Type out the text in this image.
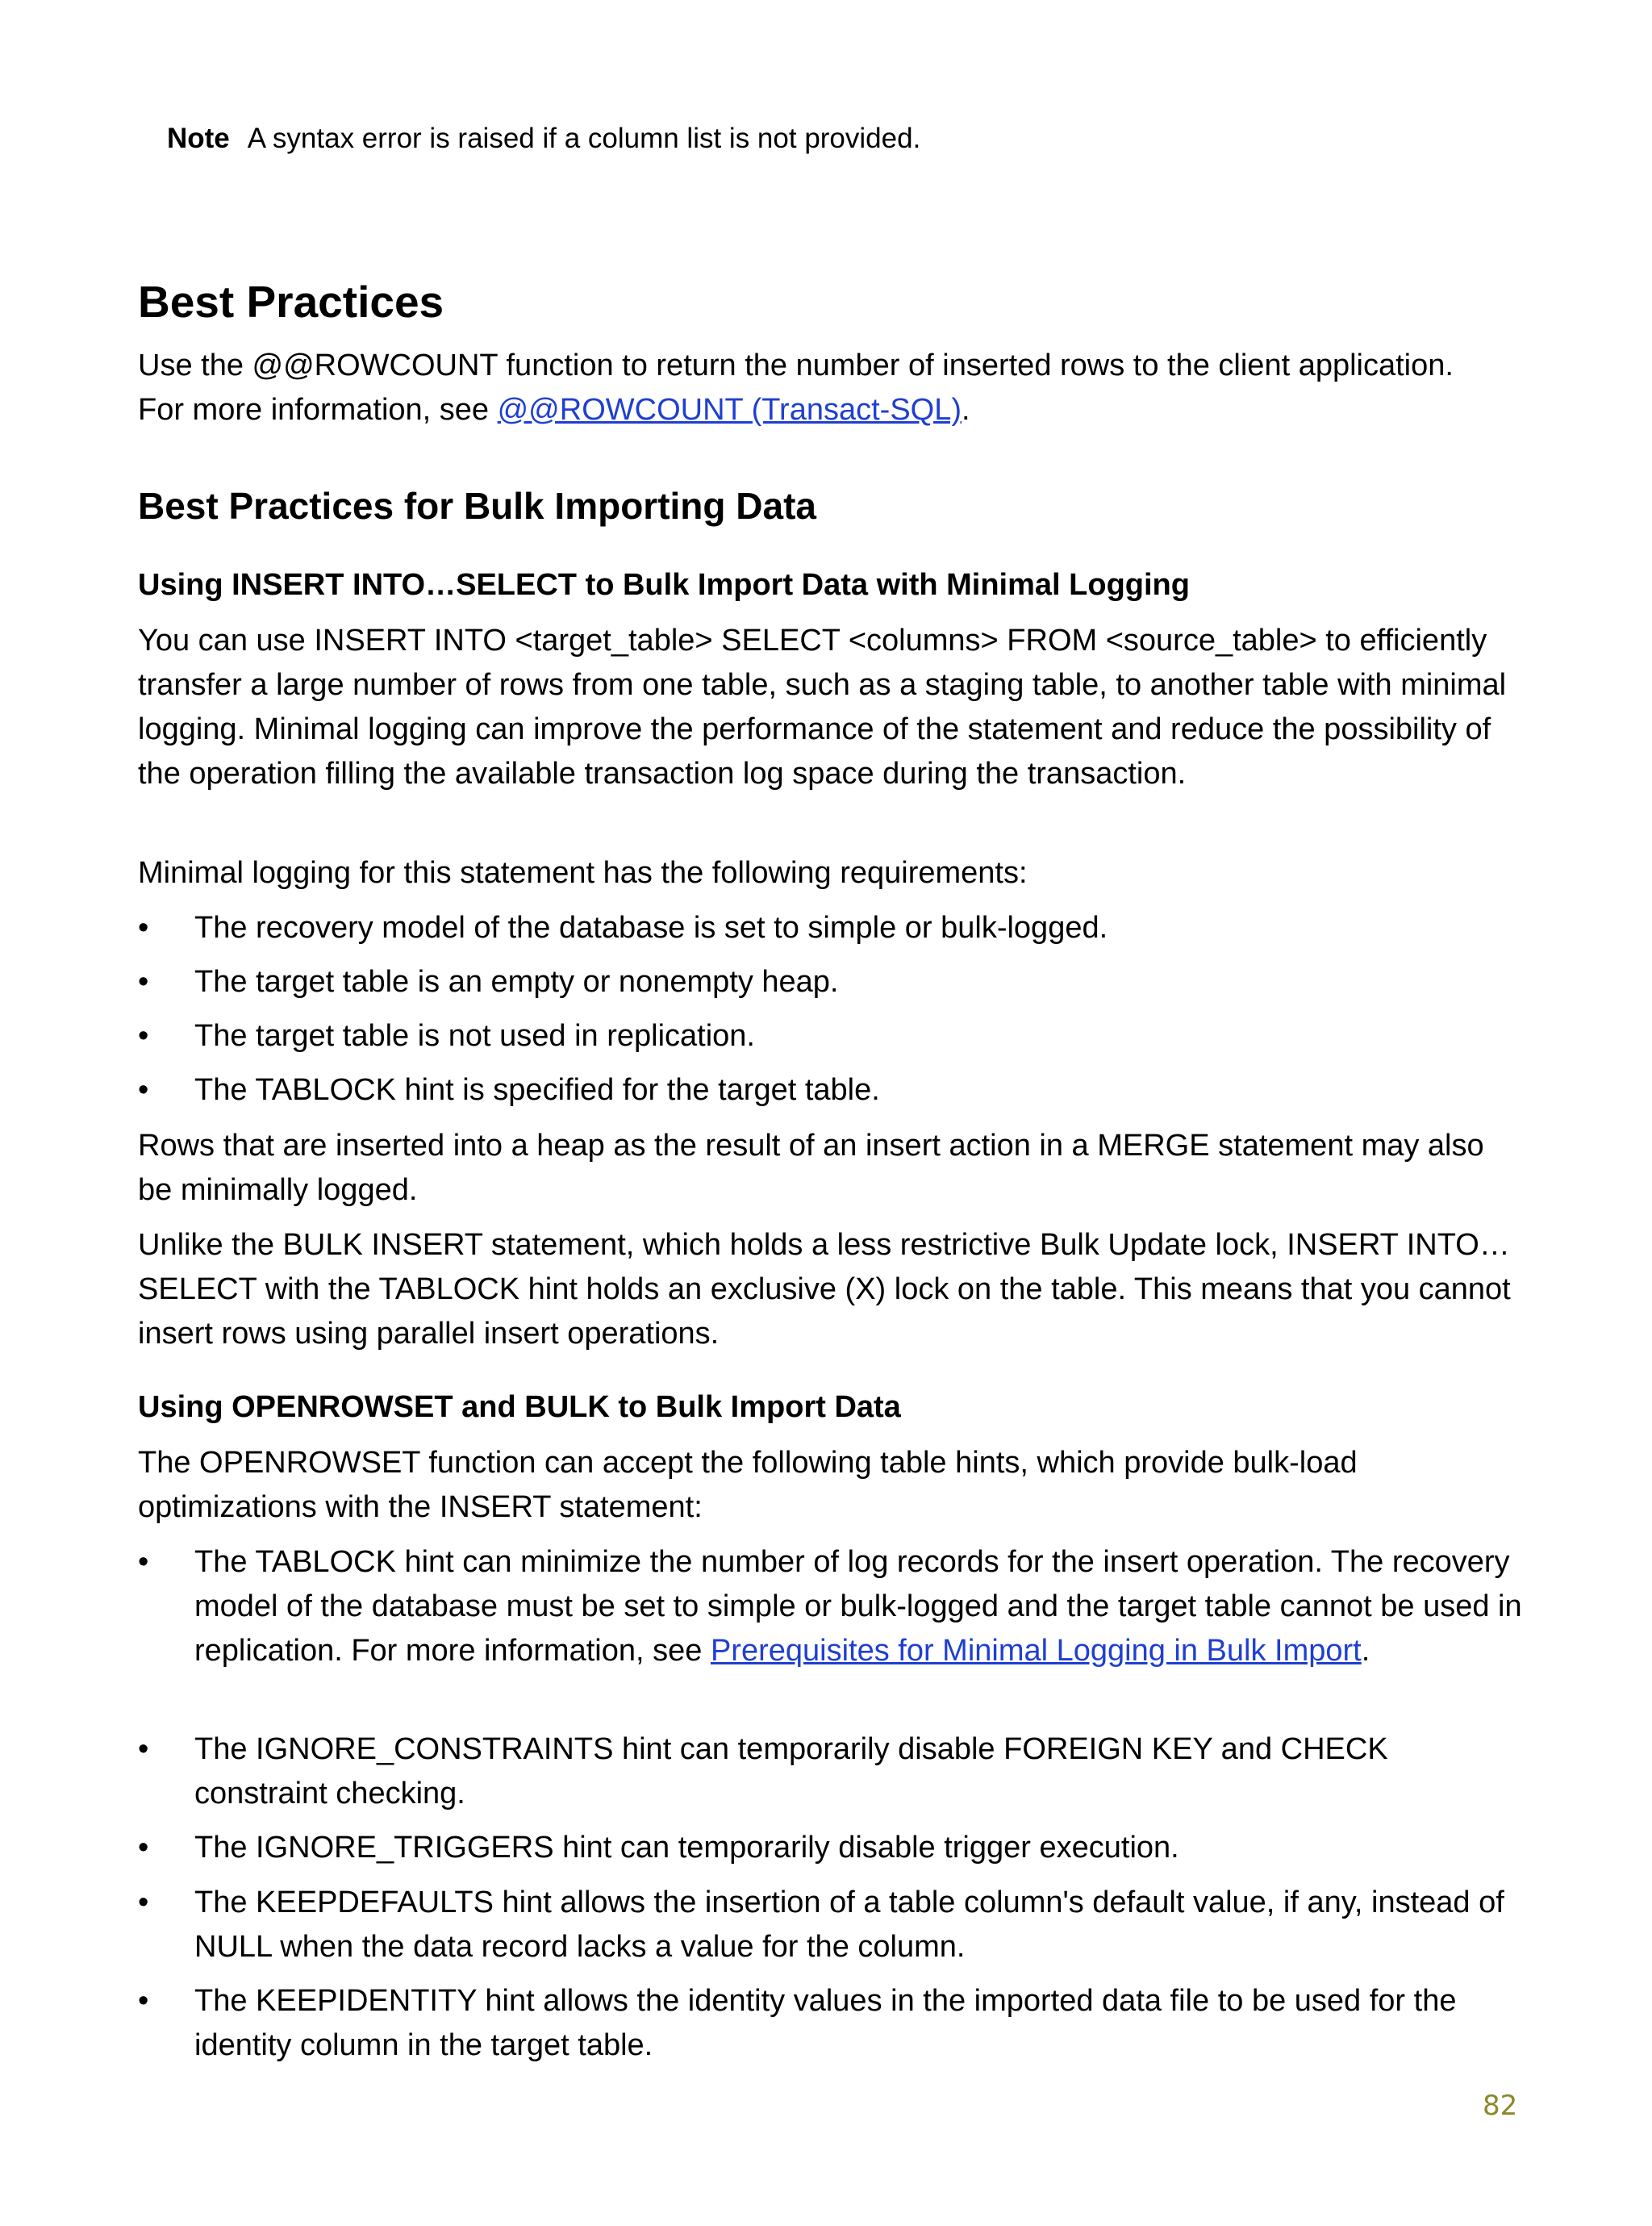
Note A syntax error is raised if a column list is not provided.
Best Practices

Use the @@ROWCOUNT function to return the number of inserted rows to the client application.
For more information, see @@ROWCOUNT (Transact-SQL).

Best Practices for Bulk Importing Data
Using INSERT INTO…SELECT to Bulk Import Data with Minimal Logging

You can use INSERT INTO <target_table> SELECT <columns> FROM <source_table> to efficiently transfer a large number of rows from one table, such as a staging table, to another table with minimal logging. Minimal logging can improve the performance of the statement and reduce the possibility of the operation filling the available transaction log space during the transaction.

Minimal logging for this statement has the following requirements:

•	The recovery model of the database is set to simple or bulk-logged.
•	The target table is an empty or nonempty heap.
•	The target table is not used in replication.
•	The TABLOCK hint is specified for the target table.

Rows that are inserted into a heap as the result of an insert action in a MERGE statement may also be minimally logged.

Unlike the BULK INSERT statement, which holds a less restrictive Bulk Update lock, INSERT INTO…SELECT with the TABLOCK hint holds an exclusive (X) lock on the table. This means that you cannot insert rows using parallel insert operations.

Using OPENROWSET and BULK to Bulk Import Data

The OPENROWSET function can accept the following table hints, which provide bulk-load optimizations with the INSERT statement:

•	The TABLOCK hint can minimize the number of log records for the insert operation. The recovery model of the database must be set to simple or bulk-logged and the target table cannot be used in replication. For more information, see Prerequisites for Minimal Logging in Bulk Import.
•	The IGNORE_CONSTRAINTS hint can temporarily disable FOREIGN KEY and CHECK constraint checking.
•	The IGNORE_TRIGGERS hint can temporarily disable trigger execution.
•	The KEEPDEFAULTS hint allows the insertion of a table column's default value, if any, instead of NULL when the data record lacks a value for the column.
•	The KEEPIDENTITY hint allows the identity values in the imported data file to be used for the identity column in the target table.
82
